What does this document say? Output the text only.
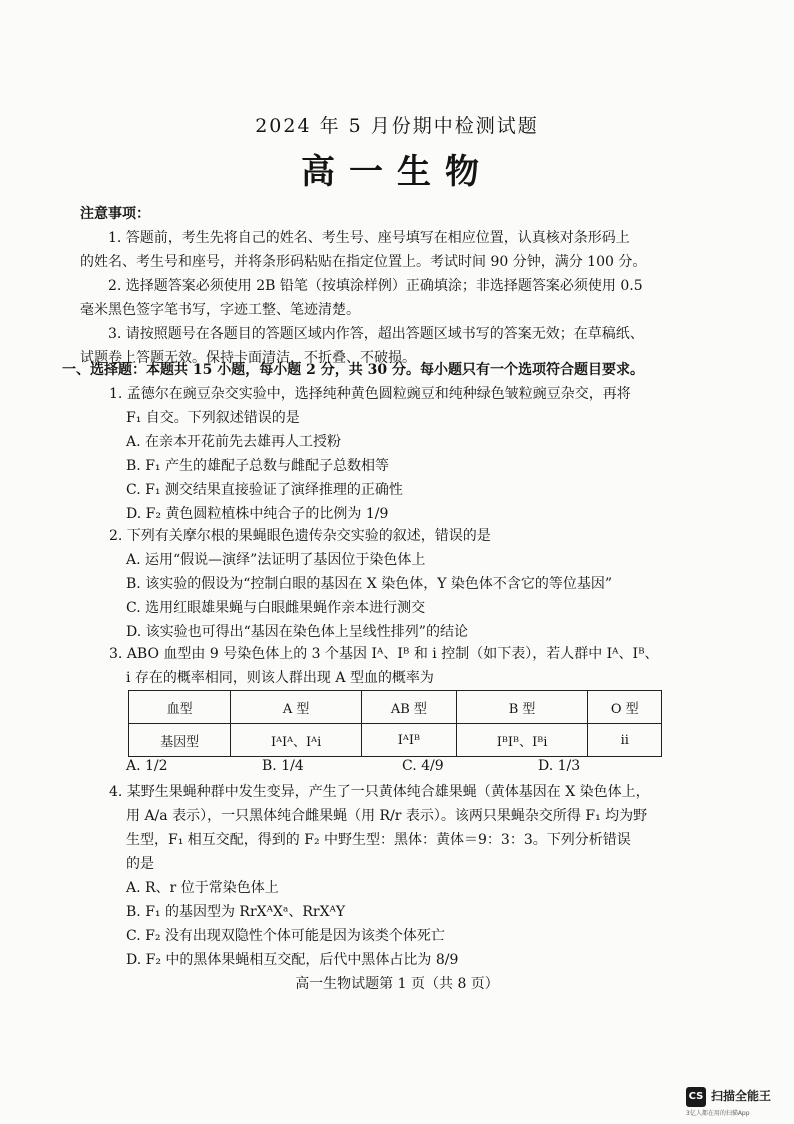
2024 年 5 月份期中检测试题
高一生物
注意事项：
1. 答题前，考生先将自己的姓名、考生号、座号填写在相应位置，认真核对条形码上
的姓名、考生号和座号，并将条形码粘贴在指定位置上。考试时间 90 分钟，满分 100 分。
2. 选择题答案必须使用 2B 铅笔（按填涂样例）正确填涂；非选择题答案必须使用 0.5
毫米黑色签字笔书写，字迹工整、笔迹清楚。
3. 请按照题号在各题目的答题区域内作答，超出答题区域书写的答案无效；在草稿纸、
试题卷上答题无效。保持卡面清洁，不折叠、不破损。
一、选择题：本题共 15 小题，每小题 2 分，共 30 分。每小题只有一个选项符合题目要求。
1. 孟德尔在豌豆杂交实验中，选择纯种黄色圆粒豌豆和纯种绿色皱粒豌豆杂交，再将
F₁ 自交。下列叙述错误的是
A. 在亲本开花前先去雄再人工授粉
B. F₁ 产生的雄配子总数与雌配子总数相等
C. F₁ 测交结果直接验证了演绎推理的正确性
D. F₂ 黄色圆粒植株中纯合子的比例为 1/9
2. 下列有关摩尔根的果蝇眼色遗传杂交实验的叙述，错误的是
A. 运用“假说—演绎”法证明了基因位于染色体上
B. 该实验的假设为“控制白眼的基因在 X 染色体，Y 染色体不含它的等位基因”
C. 选用红眼雄果蝇与白眼雌果蝇作亲本进行测交
D. 该实验也可得出“基因在染色体上呈线性排列”的结论
3. ABO 血型由 9 号染色体上的 3 个基因 Iᴬ、Iᴮ 和 i 控制（如下表），若人群中 Iᴬ、Iᴮ、
i 存在的概率相同，则该人群出现 A 型血的概率为
血型	A 型	AB 型	B 型	O 型
基因型	IᴬIᴬ、Iᴬi	IᴬIᴮ	IᴮIᴮ、Iᴮi	ii
A. 1/2	B. 1/4	C. 4/9	D. 1/3
4. 某野生果蝇种群中发生变异，产生了一只黄体纯合雄果蝇（黄体基因在 X 染色体上，
用 A/a 表示），一只黑体纯合雌果蝇（用 R/r 表示）。该两只果蝇杂交所得 F₁ 均为野
生型，F₁ 相互交配，得到的 F₂ 中野生型：黑体：黄体＝9：3：3。下列分析错误
的是
A. R、r 位于常染色体上
B. F₁ 的基因型为 RrXᴬXᵃ、RrXᴬY
C. F₂ 没有出现双隐性个体可能是因为该类个体死亡
D. F₂ 中的黑体果蝇相互交配，后代中黑体占比为 8/9
高一生物试题第 1 页（共 8 页）
CS 扫描全能王
3亿人都在用的扫描App
